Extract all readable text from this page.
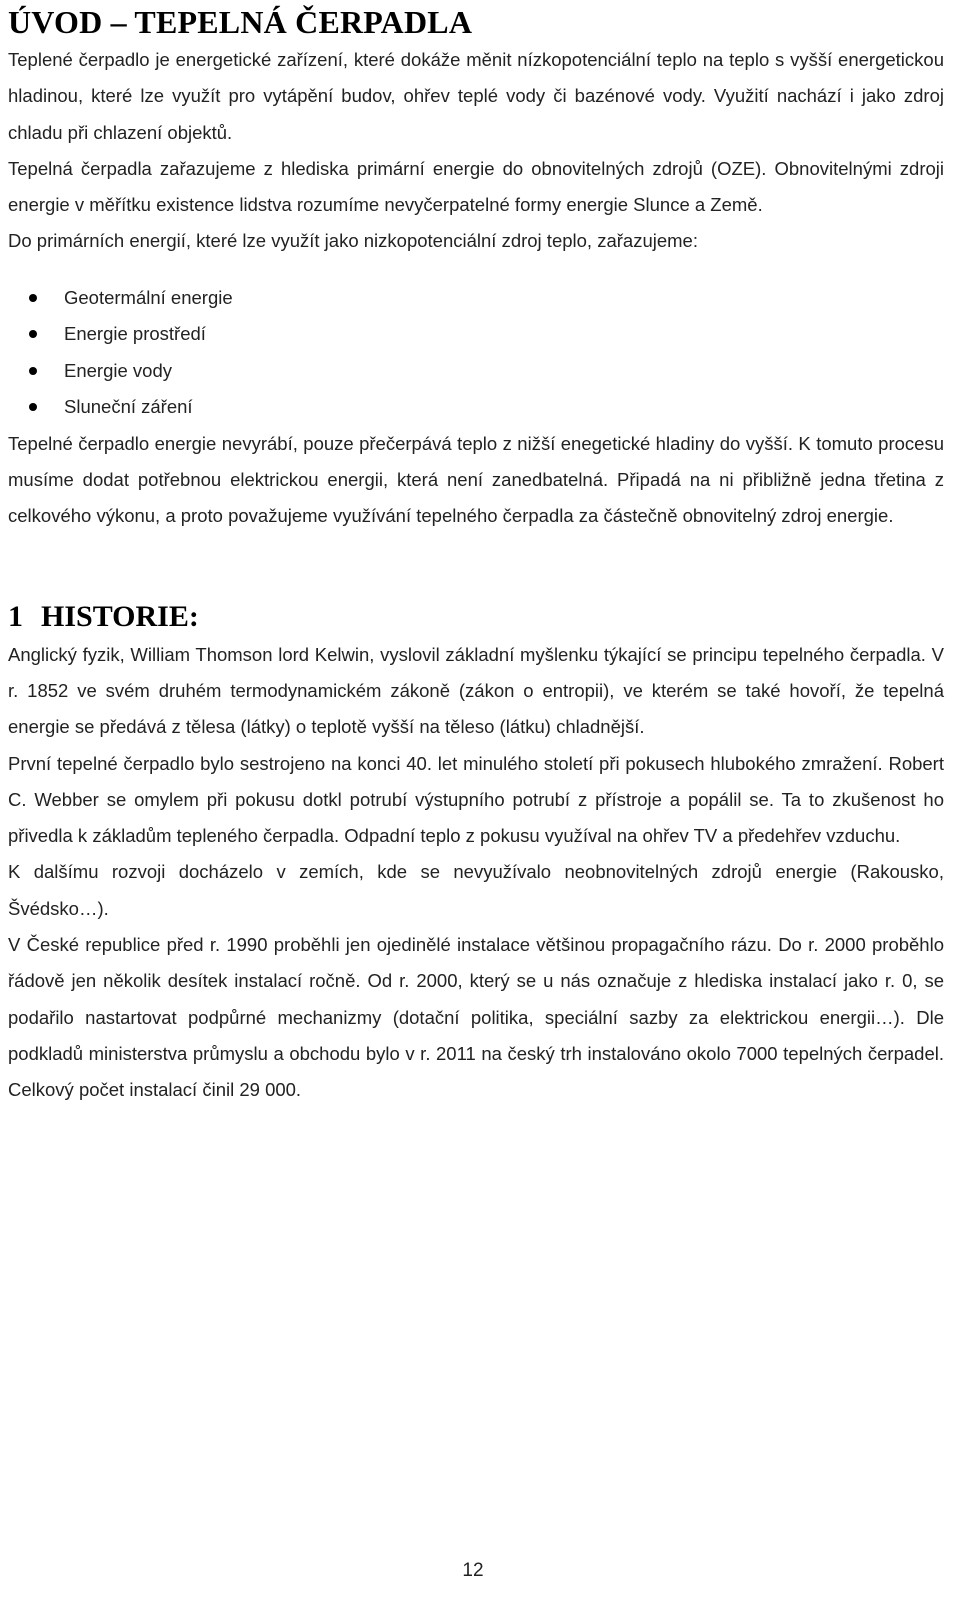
ÚVOD – TEPELNÁ ČERPADLA

Teplené čerpadlo je energetické zařízení, které dokáže měnit nízkopotenciální teplo na teplo s vyšší energetickou hladinou, které lze využít pro vytápění budov, ohřev teplé vody či bazénové vody. Využití nachází i jako zdroj chladu při chlazení objektů.

Tepelná čerpadla zařazujeme z hlediska primární energie do obnovitelných zdrojů (OZE). Obnovitelnými zdroji energie v měřítku existence lidstva rozumíme nevyčerpatelné formy energie Slunce a Země.

Do primárních energií, které lze využít jako nizkopotenciální zdroj teplo, zařazujeme:

Geotermální energie
Energie prostředí
Energie vody
Sluneční záření

Tepelné čerpadlo energie nevyrábí, pouze přečerpává teplo z nižší enegetické hladiny do vyšší. K tomuto procesu musíme dodat potřebnou elektrickou energii, která není zanedbatelná. Připadá na ni přibližně jedna třetina z celkového výkonu, a proto považujeme využívání tepelného čerpadla za částečně obnovitelný zdroj energie.

1 HISTORIE:

Anglický fyzik, William Thomson lord Kelwin, vyslovil základní myšlenku týkající se principu tepelného čerpadla. V r. 1852 ve svém druhém termodynamickém zákoně (zákon o entropii), ve kterém se také hovoří, že tepelná energie se předává z tělesa (látky) o teplotě vyšší na těleso (látku) chladnější.

První tepelné čerpadlo bylo sestrojeno na konci 40. let minulého století při pokusech hlubokého zmražení. Robert C. Webber se omylem při pokusu dotkl potrubí výstupního potrubí z přístroje a popálil se. Ta to zkušenost ho přivedla k základům tepleného čerpadla. Odpadní teplo z pokusu využíval na ohřev TV a předehřev vzduchu.

K dalšímu rozvoji docházelo v zemích, kde se nevyužívalo neobnovitelných zdrojů energie (Rakousko, Švédsko…).

V České republice před r. 1990 proběhli jen ojedinělé instalace většinou propagačního rázu. Do r. 2000 proběhlo řádově jen několik desítek instalací ročně. Od r. 2000, který se u nás označuje z hlediska instalací jako r. 0, se podařilo nastartovat podpůrné mechanizmy (dotační politika, speciální sazby za elektrickou energii…). Dle podkladů ministerstva průmyslu a obchodu bylo v r. 2011 na český trh instalováno okolo 7000 tepelných čerpadel. Celkový počet instalací činil 29 000.

12
